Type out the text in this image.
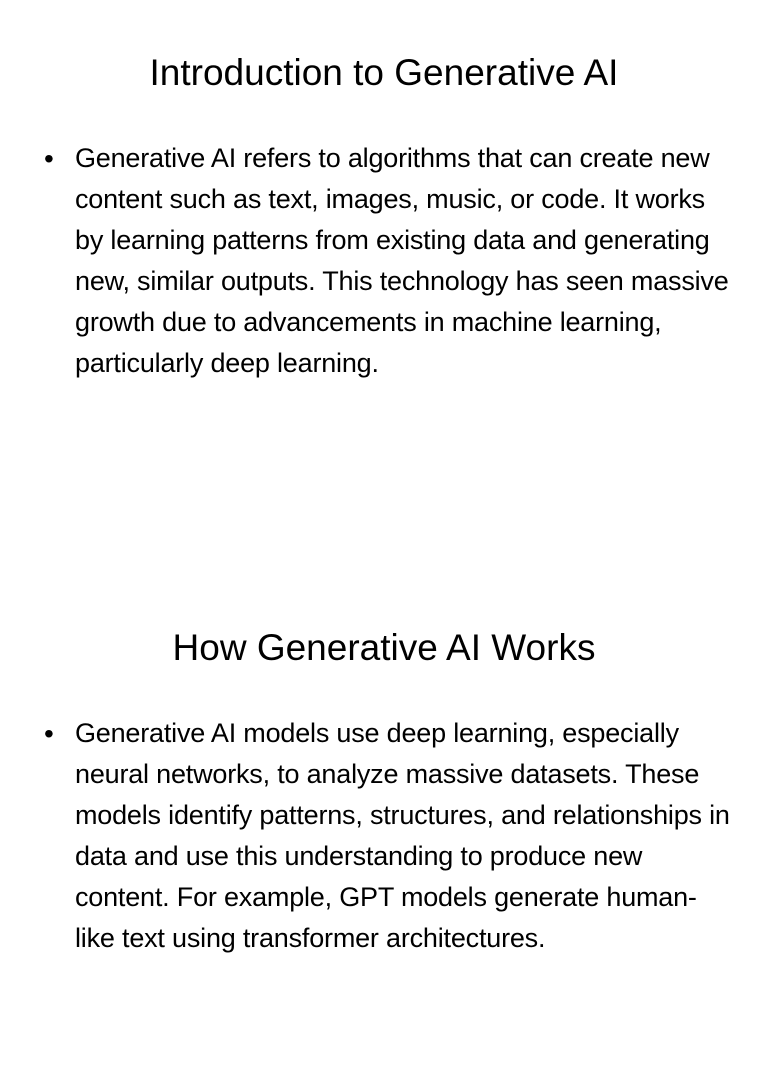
Introduction to Generative AI
• Generative AI refers to algorithms that can create new content such as text, images, music, or code. It works by learning patterns from existing data and generating new, similar outputs. This technology has seen massive growth due to advancements in machine learning, particularly deep learning.
How Generative AI Works
• Generative AI models use deep learning, especially neural networks, to analyze massive datasets. These models identify patterns, structures, and relationships in data and use this understanding to produce new content. For example, GPT models generate human-like text using transformer architectures.
